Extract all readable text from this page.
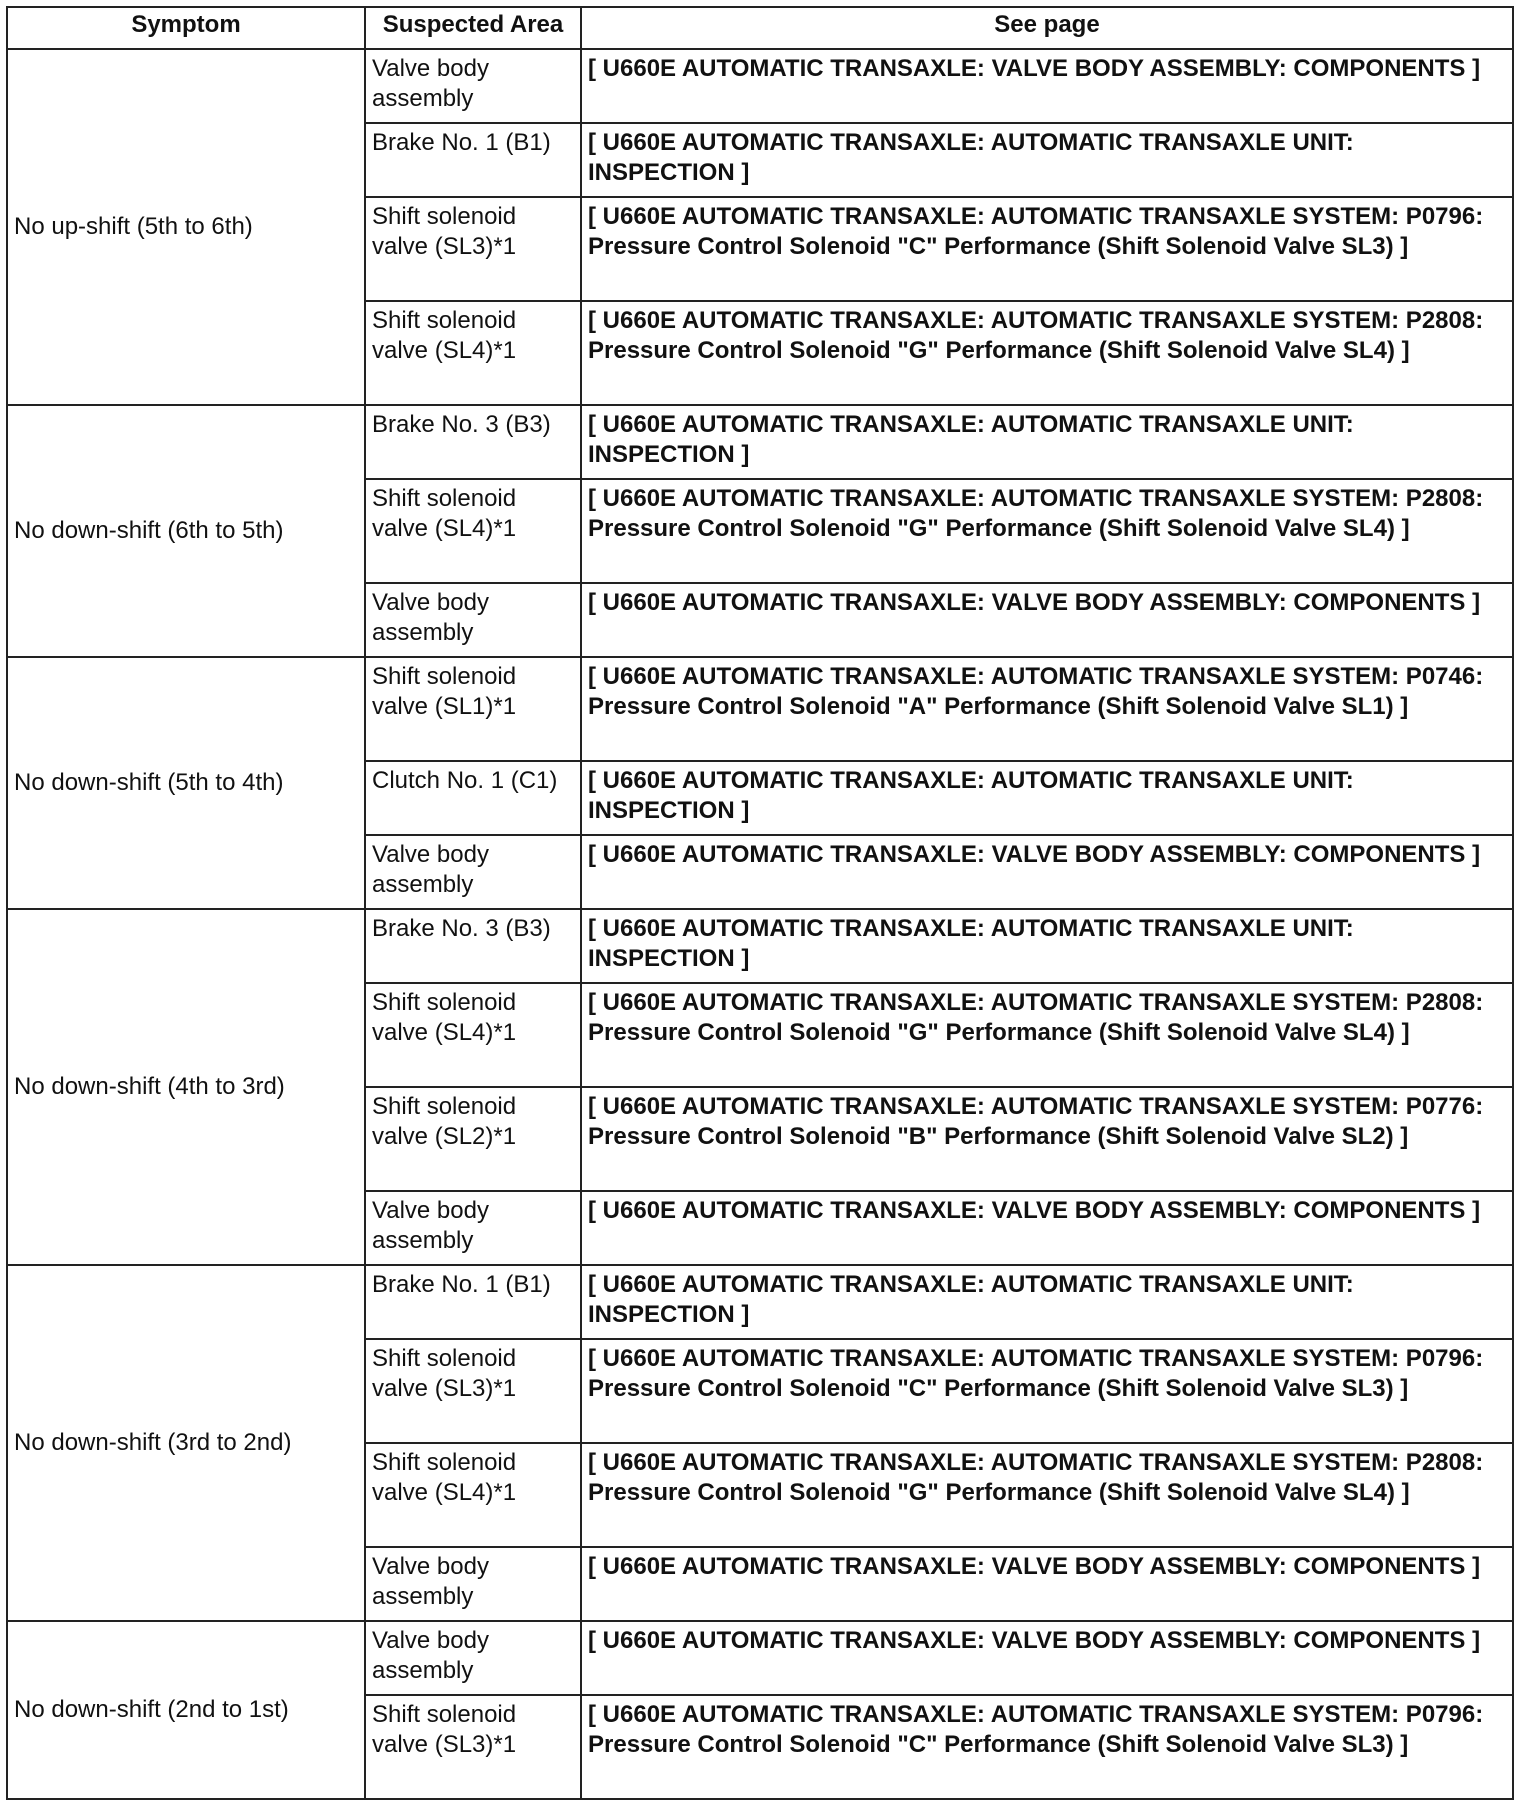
Symptom	Suspected Area	See page
No up-shift (5th to 6th)	Valve body assembly	[ U660E AUTOMATIC TRANSAXLE: VALVE BODY ASSEMBLY: COMPONENTS ]
	Brake No. 1 (B1)	[ U660E AUTOMATIC TRANSAXLE: AUTOMATIC TRANSAXLE UNIT: INSPECTION ]
	Shift solenoid valve (SL3)*1	[ U660E AUTOMATIC TRANSAXLE: AUTOMATIC TRANSAXLE SYSTEM: P0796: Pressure Control Solenoid "C" Performance (Shift Solenoid Valve SL3) ]
	Shift solenoid valve (SL4)*1	[ U660E AUTOMATIC TRANSAXLE: AUTOMATIC TRANSAXLE SYSTEM: P2808: Pressure Control Solenoid "G" Performance (Shift Solenoid Valve SL4) ]
No down-shift (6th to 5th)	Brake No. 3 (B3)	[ U660E AUTOMATIC TRANSAXLE: AUTOMATIC TRANSAXLE UNIT: INSPECTION ]
	Shift solenoid valve (SL4)*1	[ U660E AUTOMATIC TRANSAXLE: AUTOMATIC TRANSAXLE SYSTEM: P2808: Pressure Control Solenoid "G" Performance (Shift Solenoid Valve SL4) ]
	Valve body assembly	[ U660E AUTOMATIC TRANSAXLE: VALVE BODY ASSEMBLY: COMPONENTS ]
No down-shift (5th to 4th)	Shift solenoid valve (SL1)*1	[ U660E AUTOMATIC TRANSAXLE: AUTOMATIC TRANSAXLE SYSTEM: P0746: Pressure Control Solenoid "A" Performance (Shift Solenoid Valve SL1) ]
	Clutch No. 1 (C1)	[ U660E AUTOMATIC TRANSAXLE: AUTOMATIC TRANSAXLE UNIT: INSPECTION ]
	Valve body assembly	[ U660E AUTOMATIC TRANSAXLE: VALVE BODY ASSEMBLY: COMPONENTS ]
No down-shift (4th to 3rd)	Brake No. 3 (B3)	[ U660E AUTOMATIC TRANSAXLE: AUTOMATIC TRANSAXLE UNIT: INSPECTION ]
	Shift solenoid valve (SL4)*1	[ U660E AUTOMATIC TRANSAXLE: AUTOMATIC TRANSAXLE SYSTEM: P2808: Pressure Control Solenoid "G" Performance (Shift Solenoid Valve SL4) ]
	Shift solenoid valve (SL2)*1	[ U660E AUTOMATIC TRANSAXLE: AUTOMATIC TRANSAXLE SYSTEM: P0776: Pressure Control Solenoid "B" Performance (Shift Solenoid Valve SL2) ]
	Valve body assembly	[ U660E AUTOMATIC TRANSAXLE: VALVE BODY ASSEMBLY: COMPONENTS ]
No down-shift (3rd to 2nd)	Brake No. 1 (B1)	[ U660E AUTOMATIC TRANSAXLE: AUTOMATIC TRANSAXLE UNIT: INSPECTION ]
	Shift solenoid valve (SL3)*1	[ U660E AUTOMATIC TRANSAXLE: AUTOMATIC TRANSAXLE SYSTEM: P0796: Pressure Control Solenoid "C" Performance (Shift Solenoid Valve SL3) ]
	Shift solenoid valve (SL4)*1	[ U660E AUTOMATIC TRANSAXLE: AUTOMATIC TRANSAXLE SYSTEM: P2808: Pressure Control Solenoid "G" Performance (Shift Solenoid Valve SL4) ]
	Valve body assembly	[ U660E AUTOMATIC TRANSAXLE: VALVE BODY ASSEMBLY: COMPONENTS ]
No down-shift (2nd to 1st)	Valve body assembly	[ U660E AUTOMATIC TRANSAXLE: VALVE BODY ASSEMBLY: COMPONENTS ]
	Shift solenoid valve (SL3)*1	[ U660E AUTOMATIC TRANSAXLE: AUTOMATIC TRANSAXLE SYSTEM: P0796: Pressure Control Solenoid "C" Performance (Shift Solenoid Valve SL3) ]
